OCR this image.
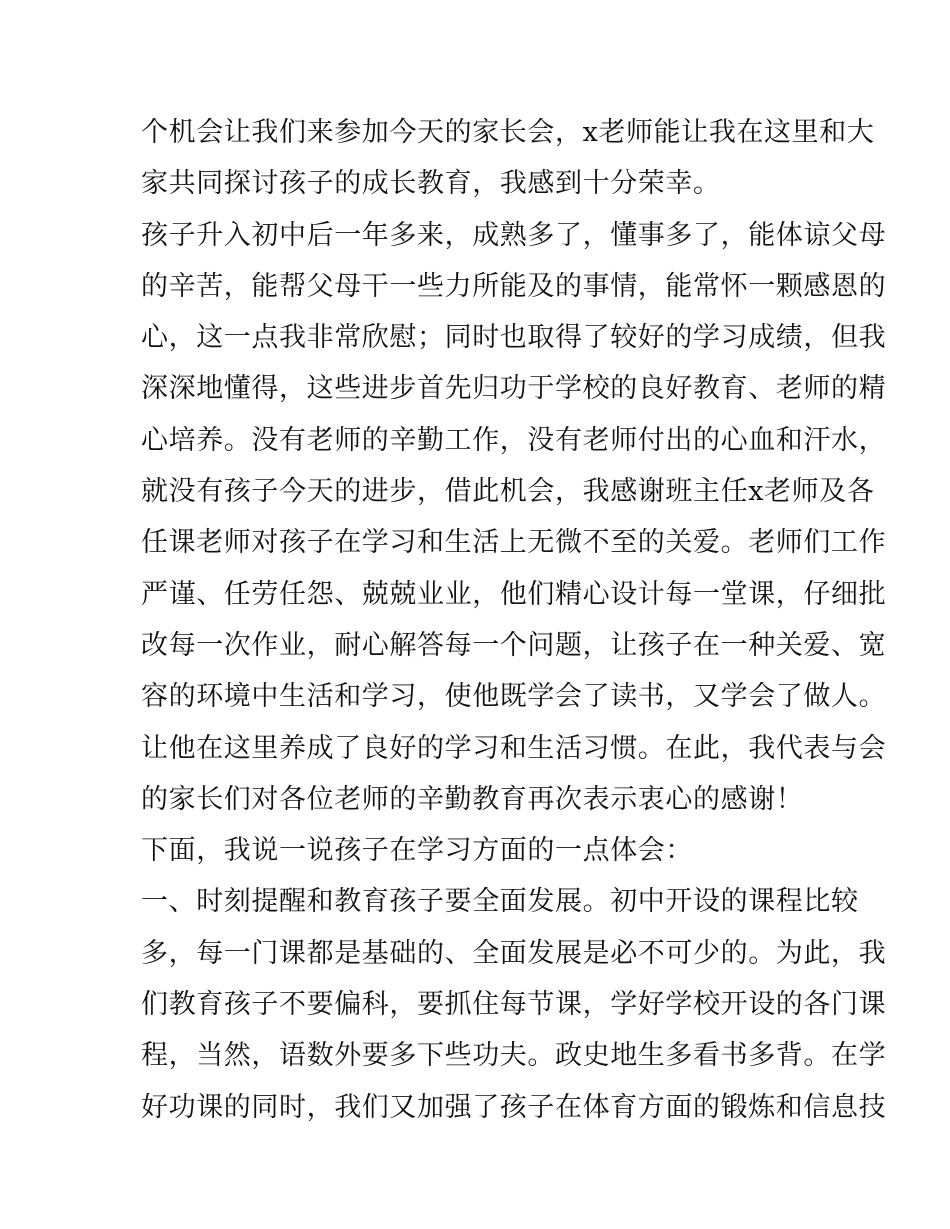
个机会让我们来参加今天的家长会，x老师能让我在这里和大
家共同探讨孩子的成长教育，我感到十分荣幸。
孩子升入初中后一年多来，成熟多了，懂事多了，能体谅父母
的辛苦，能帮父母干一些力所能及的事情，能常怀一颗感恩的
心，这一点我非常欣慰；同时也取得了较好的学习成绩，但我
深深地懂得，这些进步首先归功于学校的良好教育、老师的精
心培养。没有老师的辛勤工作，没有老师付出的心血和汗水，
就没有孩子今天的进步，借此机会，我感谢班主任x老师及各
任课老师对孩子在学习和生活上无微不至的关爱。老师们工作
严谨、任劳任怨、兢兢业业，他们精心设计每一堂课，仔细批
改每一次作业，耐心解答每一个问题，让孩子在一种关爱、宽
容的环境中生活和学习，使他既学会了读书，又学会了做人。
让他在这里养成了良好的学习和生活习惯。在此，我代表与会
的家长们对各位老师的辛勤教育再次表示衷心的感谢！
下面，我说一说孩子在学习方面的一点体会：
一、时刻提醒和教育孩子要全面发展。初中开设的课程比较
多，每一门课都是基础的、全面发展是必不可少的。为此，我
们教育孩子不要偏科，要抓住每节课，学好学校开设的各门课
程，当然，语数外要多下些功夫。政史地生多看书多背。在学
好功课的同时，我们又加强了孩子在体育方面的锻炼和信息技
